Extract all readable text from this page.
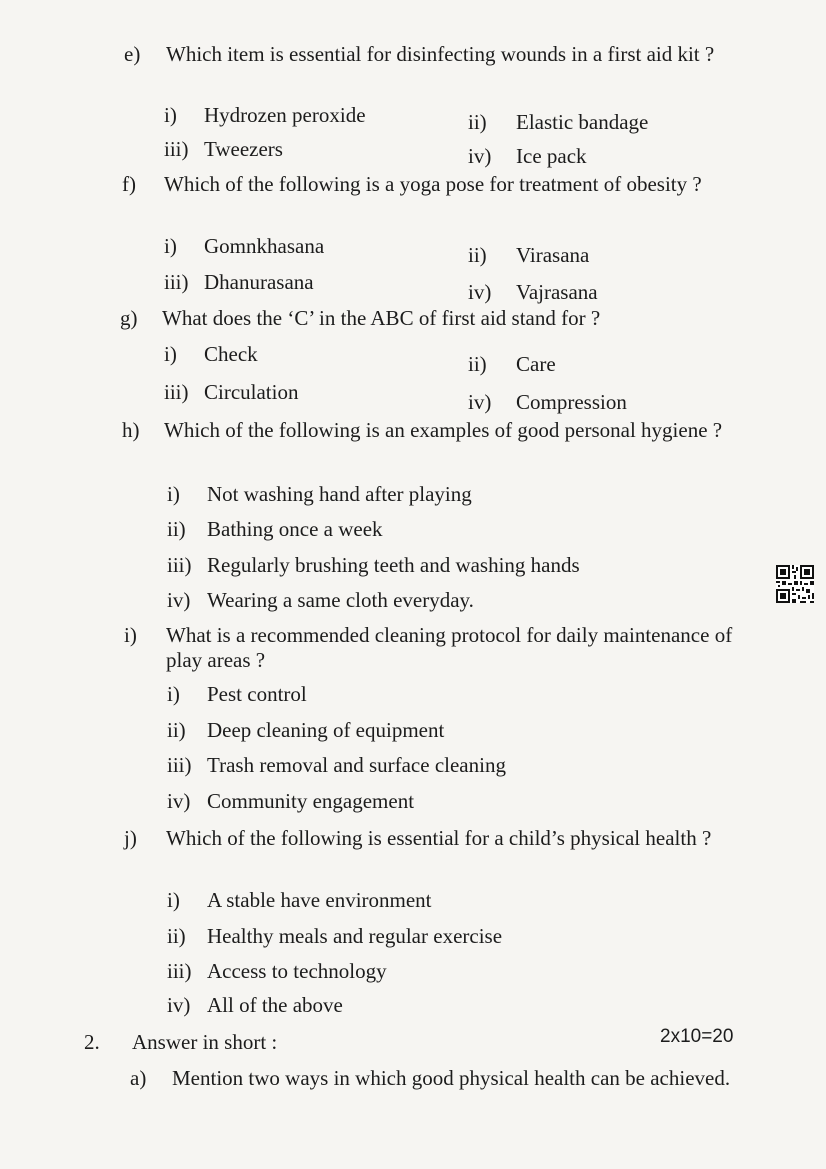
e) Which item is essential for disinfecting wounds in a first aid kit ?
i) Hydrozen peroxide	ii) Elastic bandage
iii) Tweezers	iv) Ice pack
f) Which of the following is a yoga pose for treatment of obesity ?
i) Gomnkhasana	ii) Virasana
iii) Dhanurasana	iv) Vajrasana
g) What does the ‘C’ in the ABC of first aid stand for ?
i) Check	ii) Care
iii) Circulation	iv) Compression
h) Which of the following is an examples of good personal hygiene ?
i) Not washing hand after playing
ii) Bathing once a week
iii) Regularly brushing teeth and washing hands
iv) Wearing a same cloth everyday.
i) What is a recommended cleaning protocol for daily maintenance of play areas ?
i) Pest control
ii) Deep cleaning of equipment
iii) Trash removal and surface cleaning
iv) Community engagement
j) Which of the following is essential for a child’s physical health ?
i) A stable have environment
ii) Healthy meals and regular exercise
iii) Access to technology
iv) All of the above
2. Answer in short :	2x10=20
a) Mention two ways in which good physical health can be achieved.
